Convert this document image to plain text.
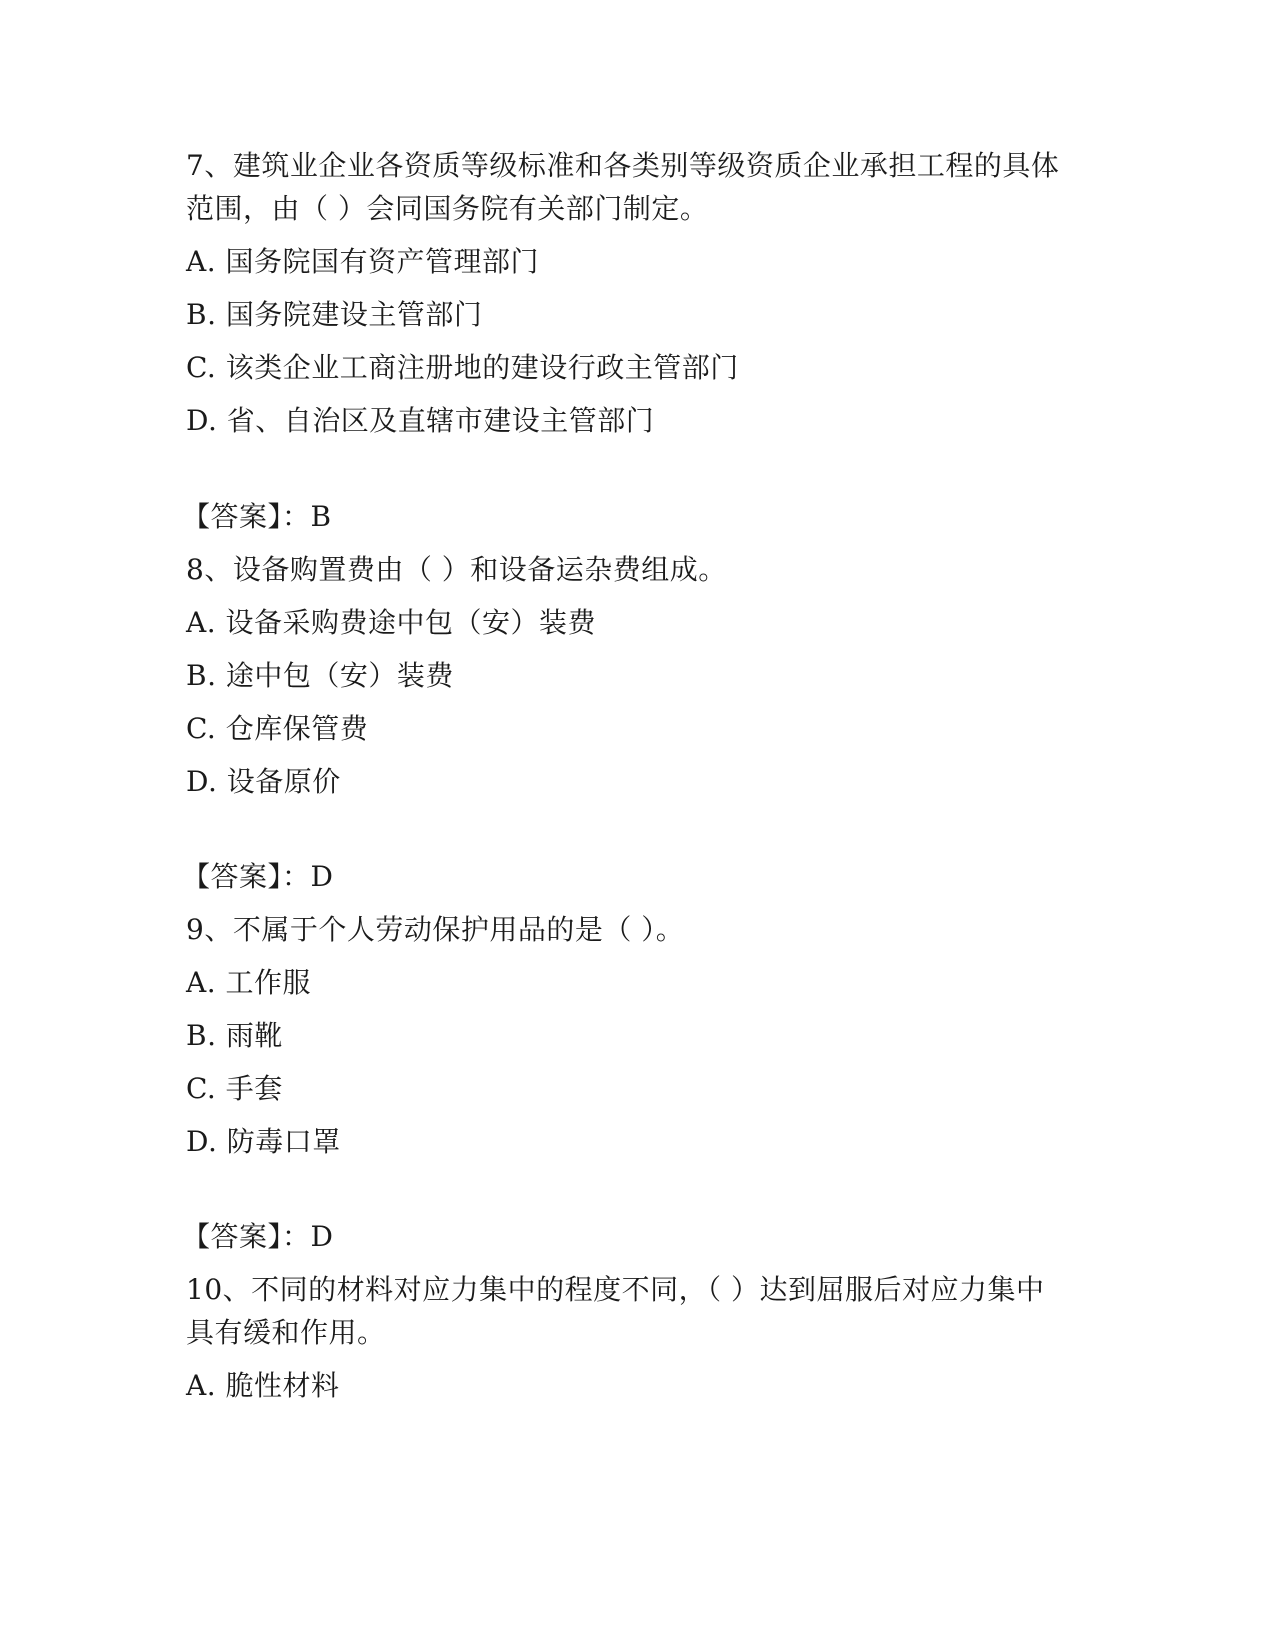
7、建筑业企业各资质等级标准和各类别等级资质企业承担工程的具体
范围，由（ ）会同国务院有关部门制定。
A. 国务院国有资产管理部门
B. 国务院建设主管部门
C. 该类企业工商注册地的建设行政主管部门
D. 省、自治区及直辖市建设主管部门
【答案】：B
8、设备购置费由（ ）和设备运杂费组成。
A. 设备采购费途中包（安）装费
B. 途中包（安）装费
C. 仓库保管费
D. 设备原价
【答案】：D
9、不属于个人劳动保护用品的是（ ）。
A. 工作服
B. 雨靴
C. 手套
D. 防毒口罩
【答案】：D
10、不同的材料对应力集中的程度不同，（ ）达到屈服后对应力集中
具有缓和作用。
A. 脆性材料
